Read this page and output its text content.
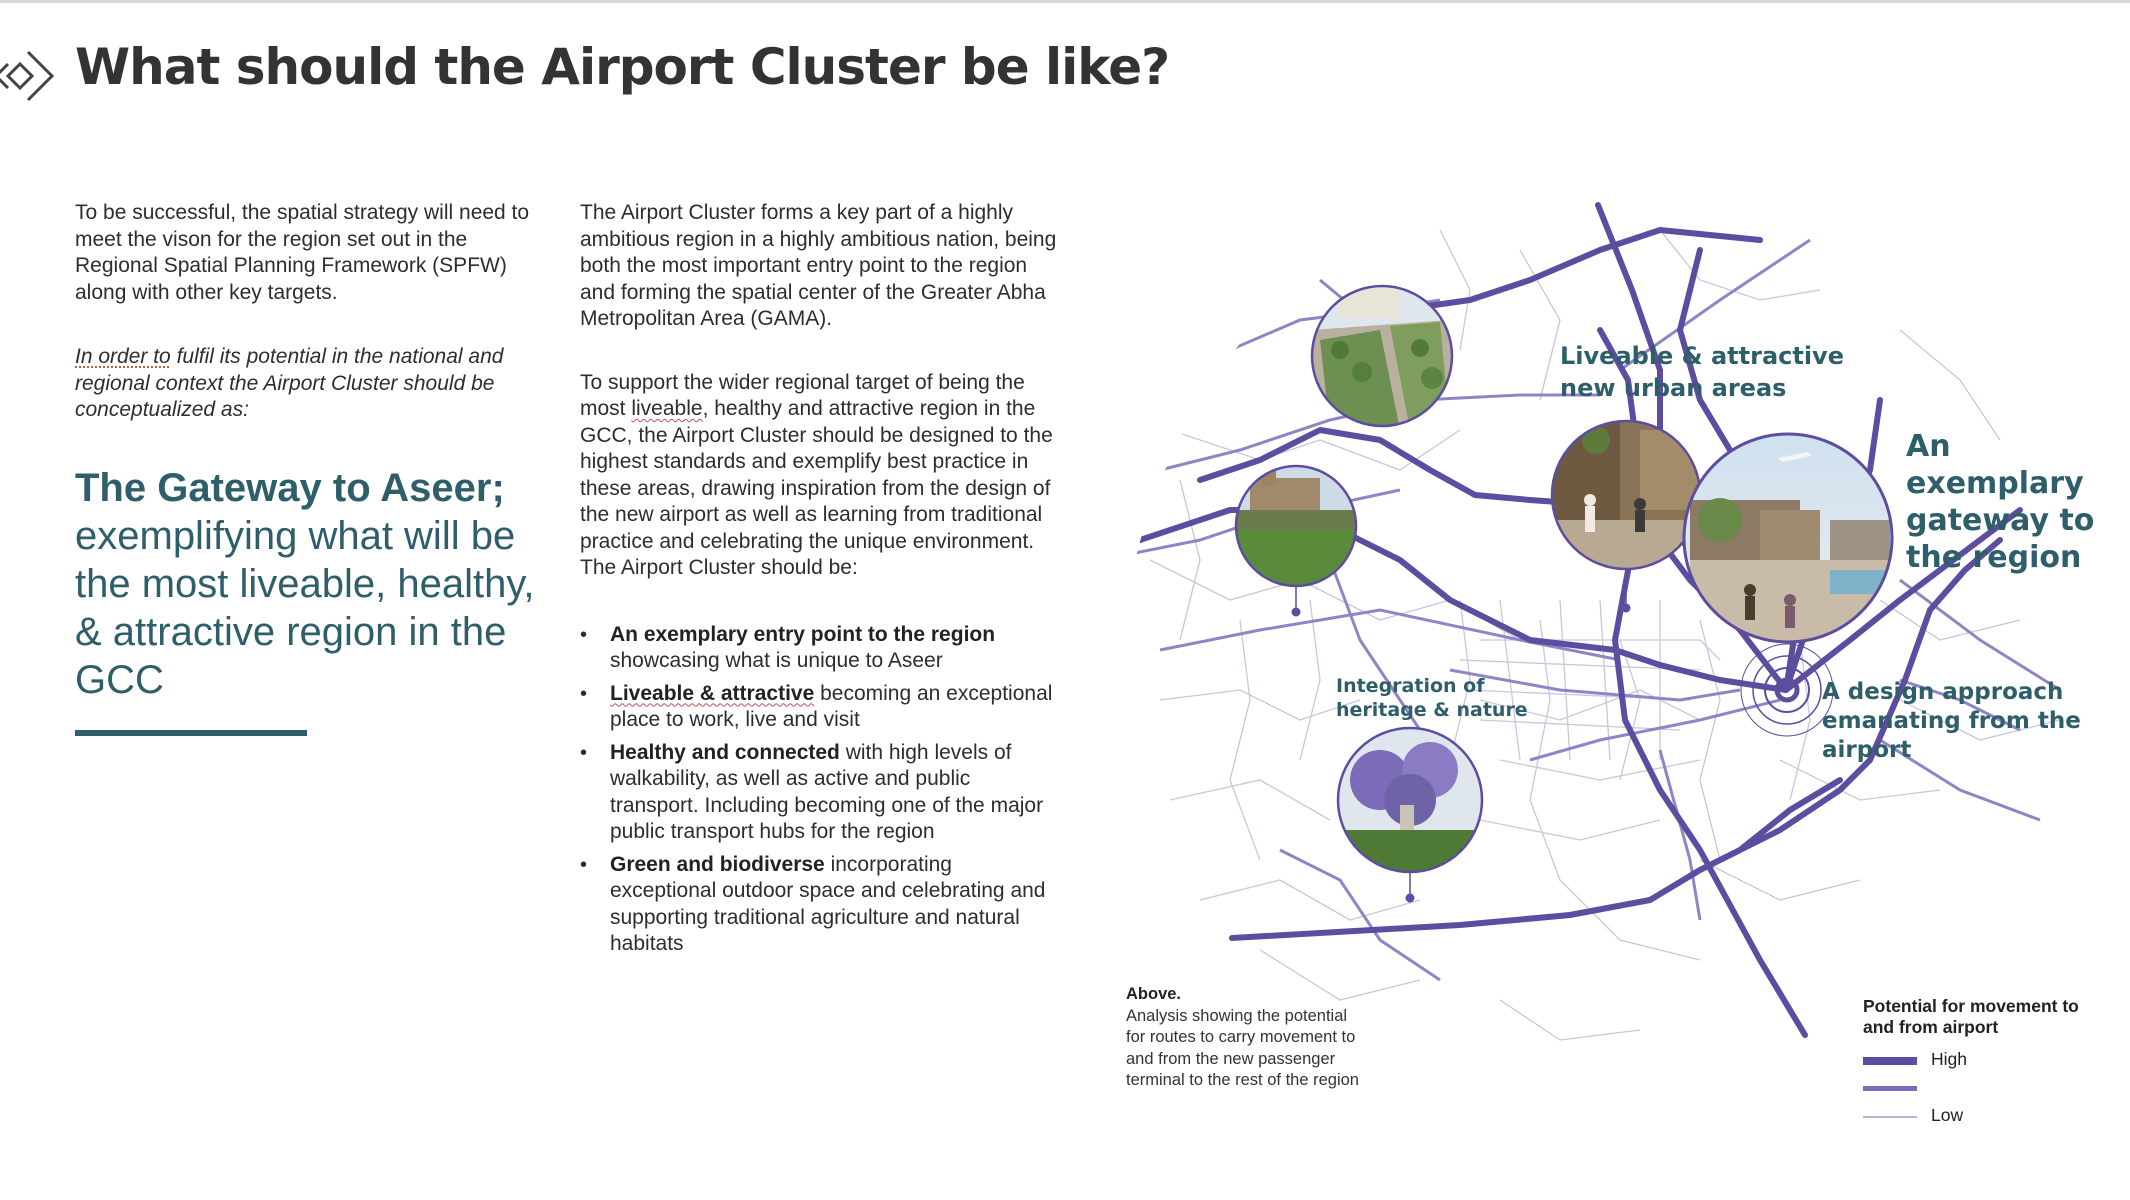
What should the Airport Cluster be like?

To be successful, the spatial strategy will need to meet the vison for the region set out in the Regional Spatial Planning Framework (SPFW) along with other key targets.

In order to fulfil its potential in the national and regional context the Airport Cluster should be conceptualized as:

The Gateway to Aseer;
exemplifying what will be the most liveable, healthy, & attractive region in the GCC

The Airport Cluster forms a key part of a highly ambitious region in a highly ambitious nation, being both the most important entry point to the region and forming the spatial center of the Greater Abha Metropolitan Area (GAMA).

To support the wider regional target of being the most liveable, healthy and attractive region in the GCC, the Airport Cluster should be designed to the highest standards and exemplify best practice in these areas, drawing inspiration from the design of the new airport as well as learning from traditional practice and celebrating the unique environment. The Airport Cluster should be:

• An exemplary entry point to the region showcasing what is unique to Aseer
• Liveable & attractive becoming an exceptional place to work, live and visit
• Healthy and connected with high levels of walkability, as well as active and public transport. Including becoming one of the major public transport hubs for the region
• Green and biodiverse incorporating exceptional outdoor space and celebrating and supporting traditional agriculture and natural habitats
Liveable & attractive new urban areas
An exemplary gateway to the region
Integration of heritage & nature
A design approach emanating from the airport
Above.
Analysis showing the potential for routes to carry movement to and from the new passenger terminal to the rest of the region
Potential for movement to and from airport
High
Low
